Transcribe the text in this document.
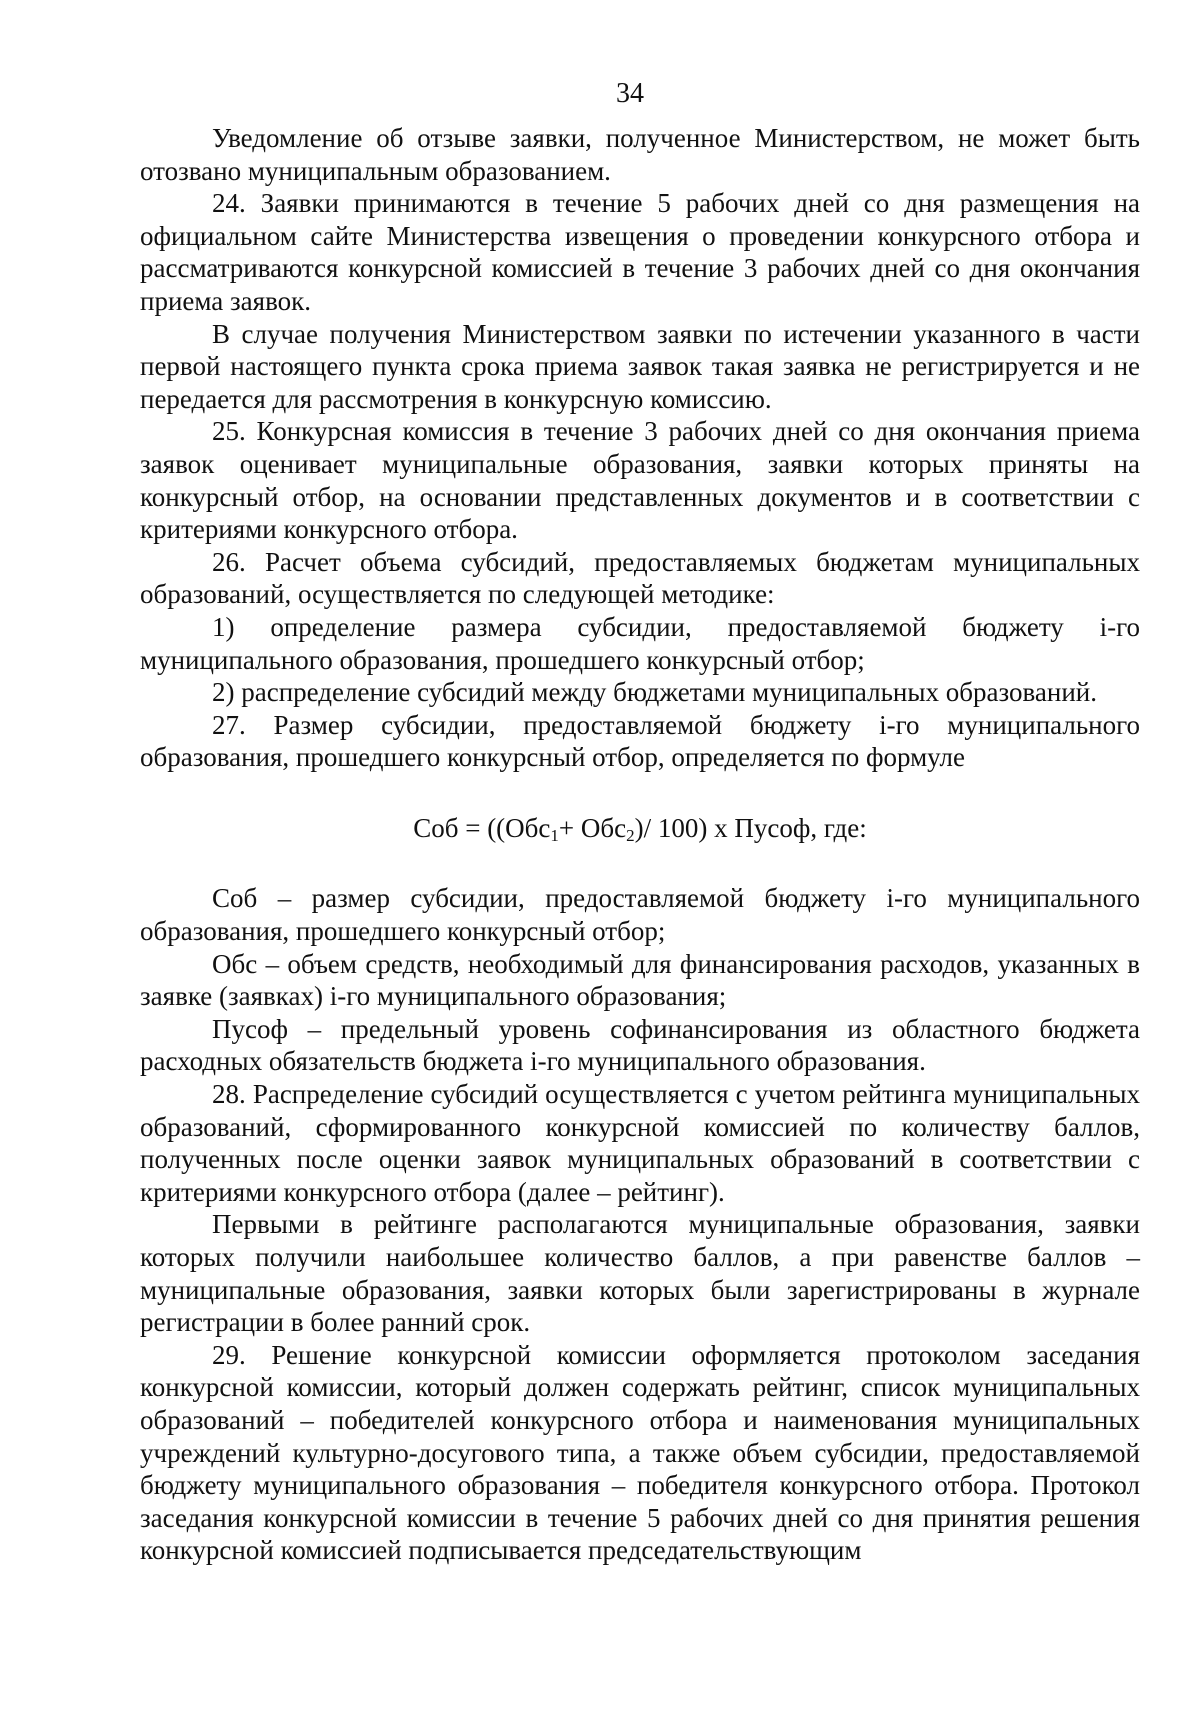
34

Уведомление об отзыве заявки, полученное Министерством, не может быть отозвано муниципальным образованием.

24. Заявки принимаются в течение 5 рабочих дней со дня размещения на официальном сайте Министерства извещения о проведении конкурсного отбора и рассматриваются конкурсной комиссией в течение 3 рабочих дней со дня окончания приема заявок.

В случае получения Министерством заявки по истечении указанного в части первой настоящего пункта срока приема заявок такая заявка не регистрируется и не передается для рассмотрения в конкурсную комиссию.

25. Конкурсная комиссия в течение 3 рабочих дней со дня окончания приема заявок оценивает муниципальные образования, заявки которых приняты на конкурсный отбор, на основании представленных документов и в соответствии с критериями конкурсного отбора.

26. Расчет объема субсидий, предоставляемых бюджетам муниципальных образований, осуществляется по следующей методике:

1) определение размера субсидии, предоставляемой бюджету i-го муниципального образования, прошедшего конкурсный отбор;

2) распределение субсидий между бюджетами муниципальных образований.

27. Размер субсидии, предоставляемой бюджету i-го муниципального образования, прошедшего конкурсный отбор, определяется по формуле

Соб = ((Обс$_1$+ Обс$_2$)/ 100) х Пусоф, где:

Соб – размер субсидии, предоставляемой бюджету i-го муниципального образования, прошедшего конкурсный отбор;

Обс – объем средств, необходимый для финансирования расходов, указанных в заявке (заявках) i-го муниципального образования;

Пусоф – предельный уровень софинансирования из областного бюджета расходных обязательств бюджета i-го муниципального образования.

28. Распределение субсидий осуществляется с учетом рейтинга муниципальных образований, сформированного конкурсной комиссией по количеству баллов, полученных после оценки заявок муниципальных образований в соответствии с критериями конкурсного отбора (далее – рейтинг).

Первыми в рейтинге располагаются муниципальные образования, заявки которых получили наибольшее количество баллов, а при равенстве баллов – муниципальные образования, заявки которых были зарегистрированы в журнале регистрации в более ранний срок.

29. Решение конкурсной комиссии оформляется протоколом заседания конкурсной комиссии, который должен содержать рейтинг, список муниципальных образований – победителей конкурсного отбора и наименования муниципальных учреждений культурно-досугового типа, а также объем субсидии, предоставляемой бюджету муниципального образования – победителя конкурсного отбора. Протокол заседания конкурсной комиссии в течение 5 рабочих дней со дня принятия решения конкурсной комиссией подписывается председательствующим
